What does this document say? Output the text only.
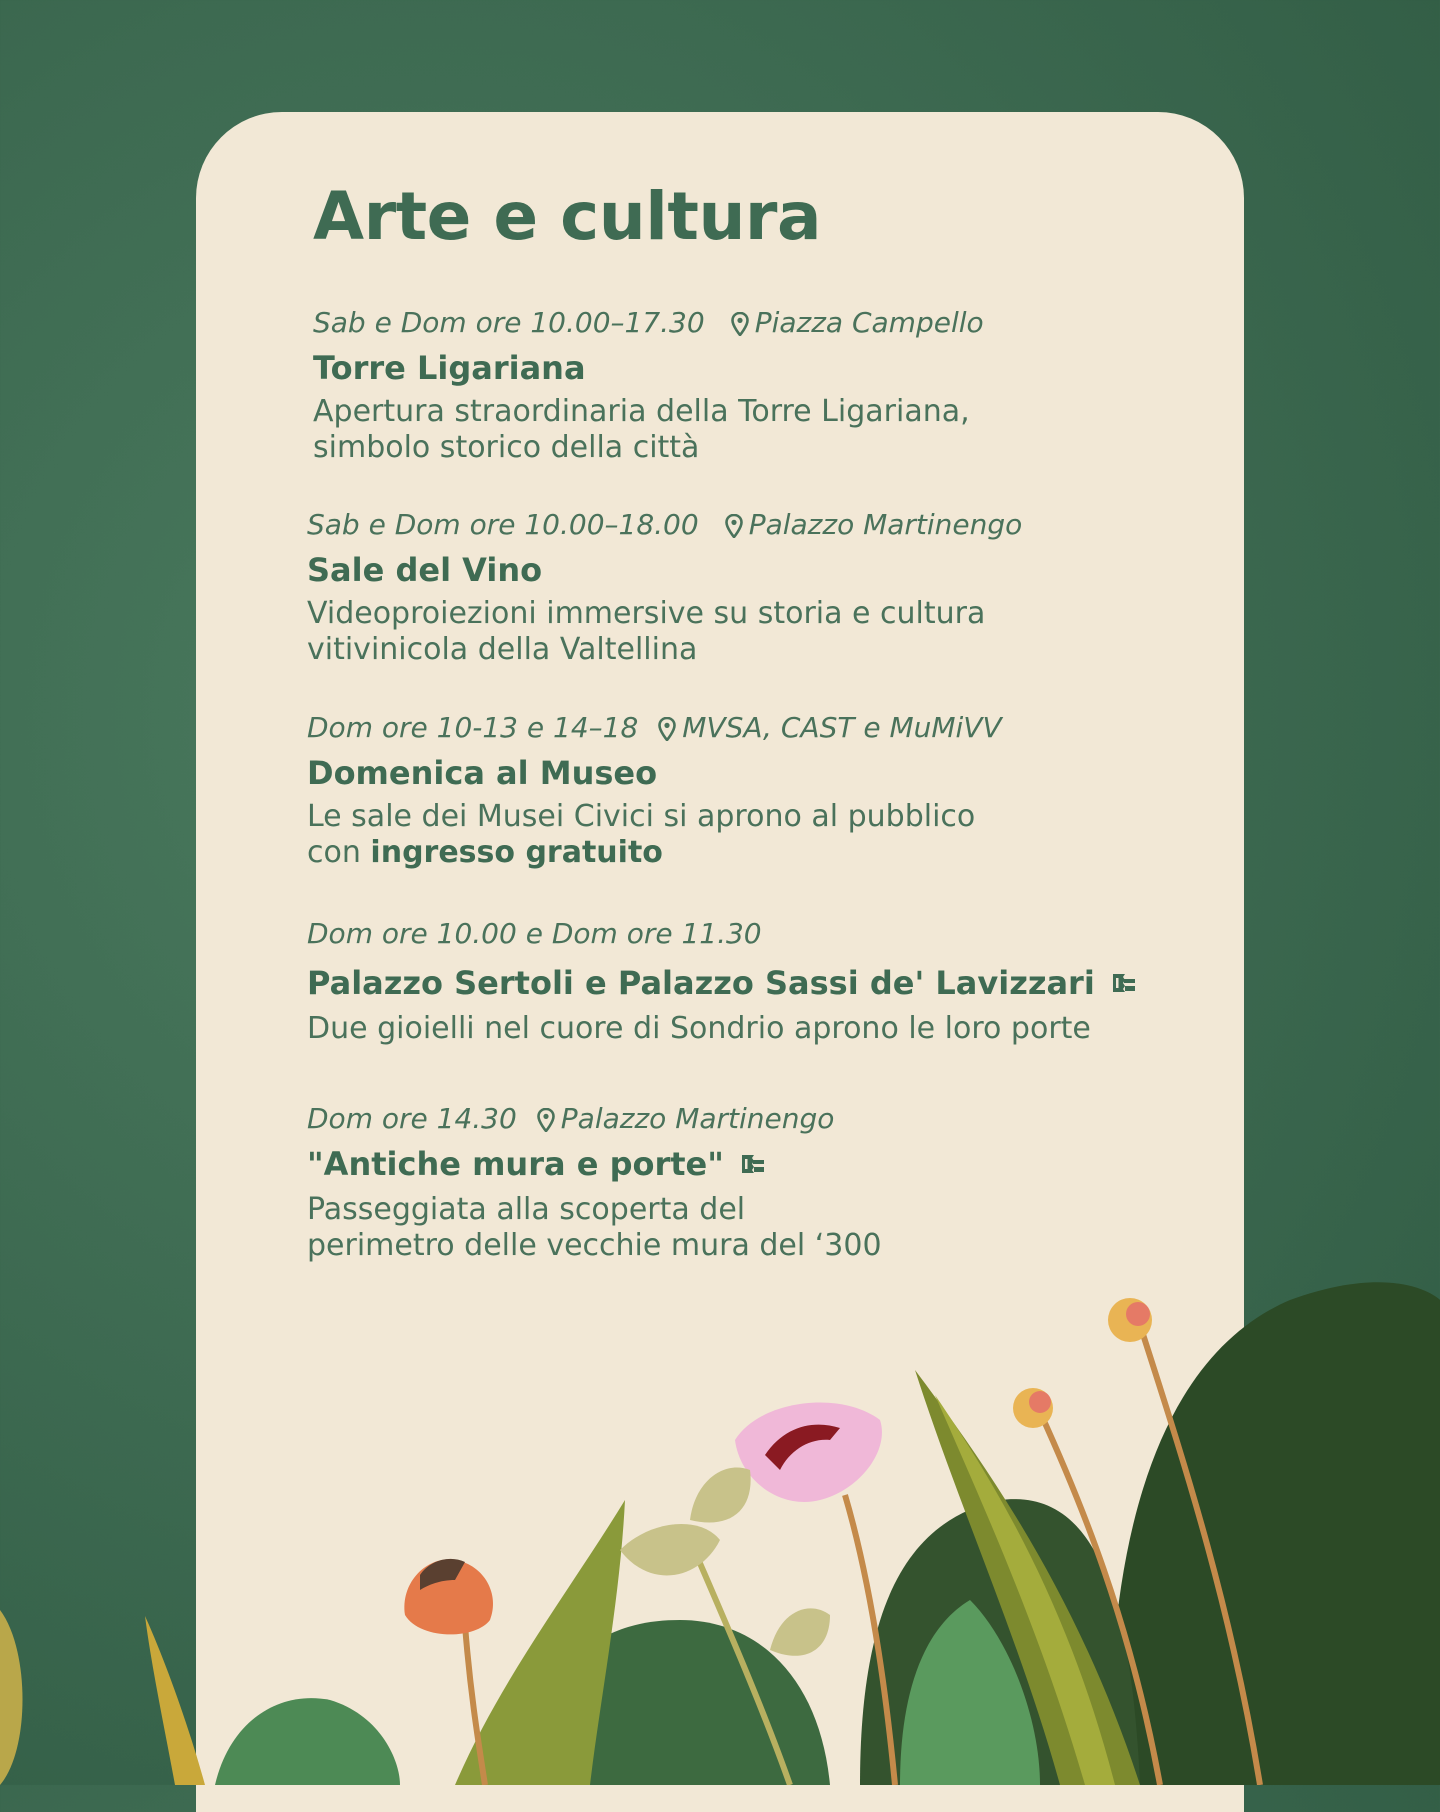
Arte e cultura
Sab e Dom ore 10.00–17.30 Piazza Campello
Torre Ligariana
Apertura straordinaria della Torre Ligariana,
simbolo storico della città
Sab e Dom ore 10.00–18.00 Palazzo Martinengo
Sale del Vino
Videoproiezioni immersive su storia e cultura
vitivinicola della Valtellina
Dom ore 10-13 e 14–18 MVSA, CAST e MuMiVV
Domenica al Museo
Le sale dei Musei Civici si aprono al pubblico
con ingresso gratuito
Dom ore 10.00 e Dom ore 11.30
Palazzo Sertoli e Palazzo Sassi de' Lavizzari
Due gioielli nel cuore di Sondrio aprono le loro porte
Dom ore 14.30 Palazzo Martinengo
"Antiche mura e porte"
Passeggiata alla scoperta del
perimetro delle vecchie mura del ‘300
